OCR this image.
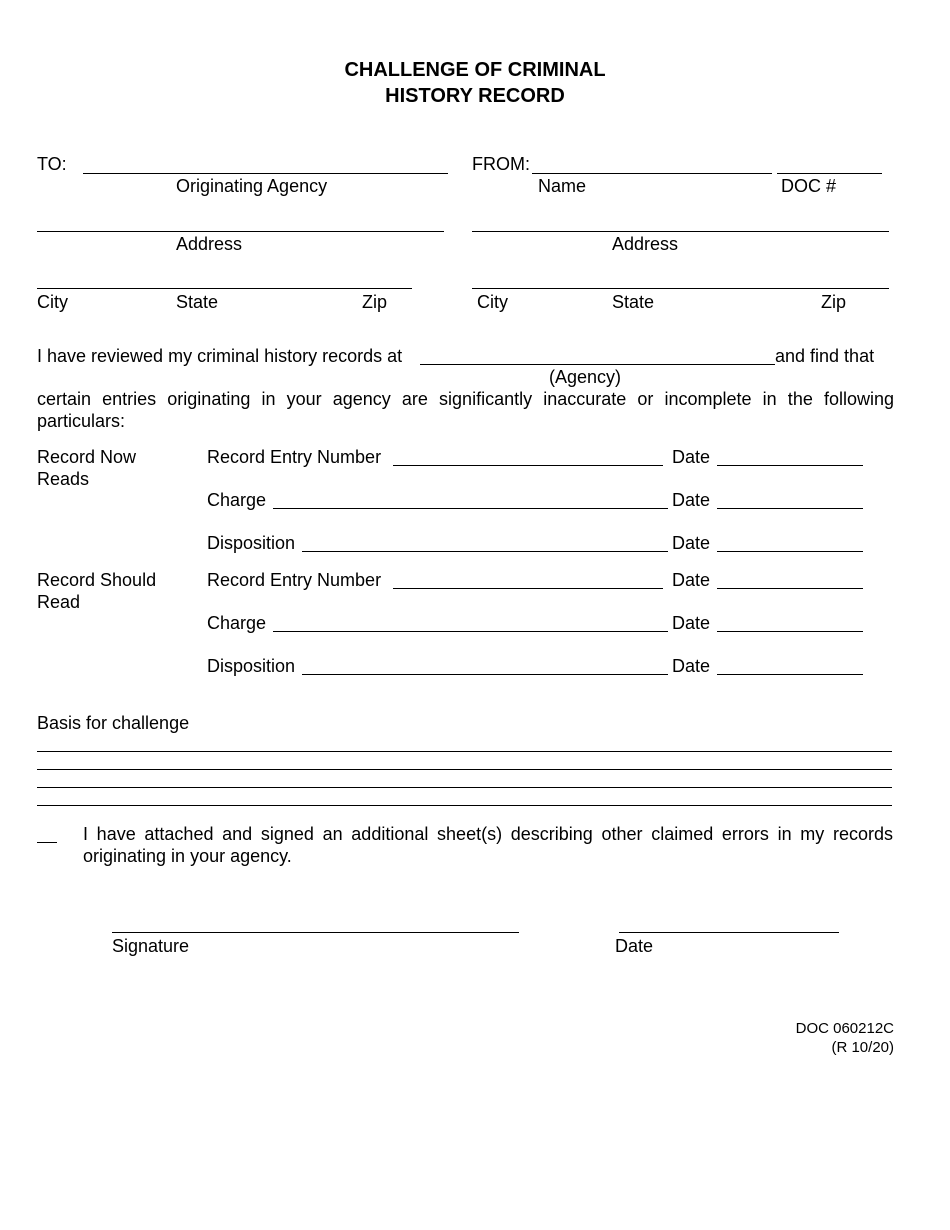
CHALLENGE OF CRIMINAL
HISTORY RECORD
TO:
Originating Agency
FROM:
Name	DOC #
Address	Address
City	State	Zip	City	State	Zip
I have reviewed my criminal history records at	and find that
(Agency)
certain entries originating in your agency are significantly inaccurate or incomplete in the following particulars:
Record Now
Reads
Record Entry Number	Date
Charge	Date
Disposition	Date
Record Should
Read
Record Entry Number	Date
Charge	Date
Disposition	Date
Basis for challenge
I have attached and signed an additional sheet(s) describing other claimed errors in my records originating in your agency.
Signature	Date
DOC 060212C
(R 10/20)
